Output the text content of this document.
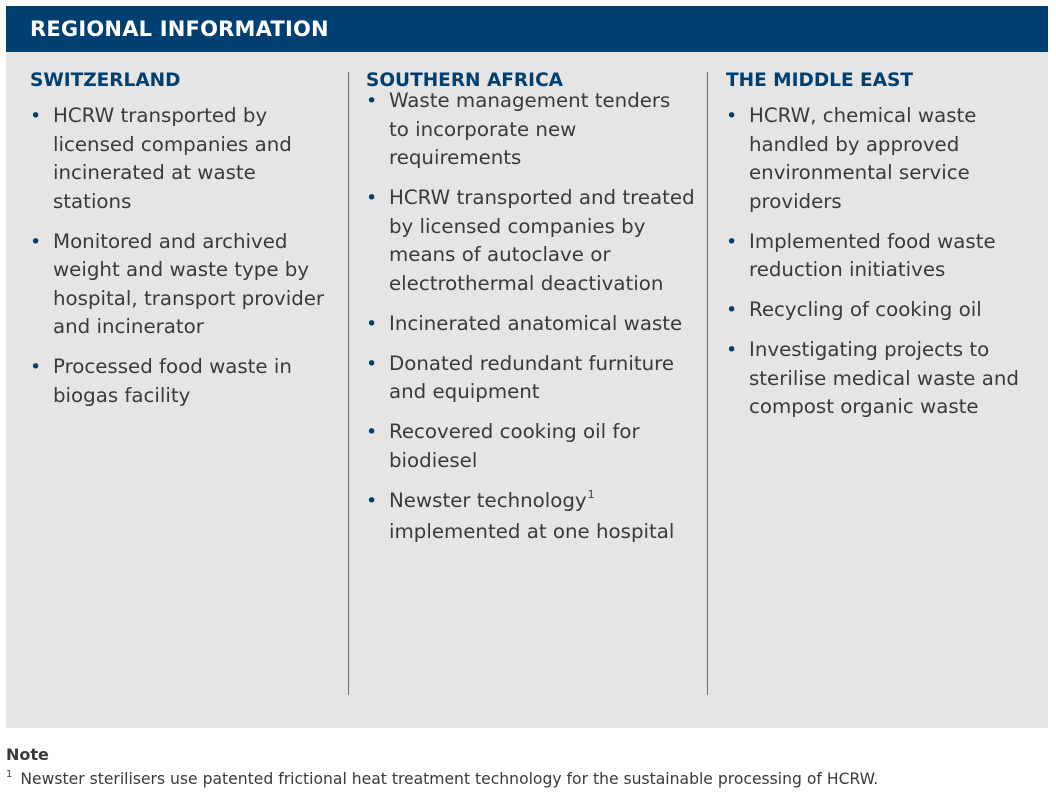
REGIONAL INFORMATION
SWITZERLAND
• HCRW transported by licensed companies and incinerated at waste stations
• Monitored and archived weight and waste type by hospital, transport provider and incinerator
• Processed food waste in biogas facility
SOUTHERN AFRICA
• Waste management tenders to incorporate new requirements
• HCRW transported and treated by licensed companies by means of autoclave or electrothermal deactivation
• Incinerated anatomical waste
• Donated redundant furniture and equipment
• Recovered cooking oil for biodiesel
• Newster technology$^1$
implemented at one hospital
THE MIDDLE EAST
• HCRW, chemical waste handled by approved environmental service providers
• Implemented food waste reduction initiatives
• Recycling of cooking oil
• Investigating projects to sterilise medical waste and compost organic waste
Note
$^1$ Newster sterilisers use patented frictional heat treatment technology for the sustainable processing of HCRW.
